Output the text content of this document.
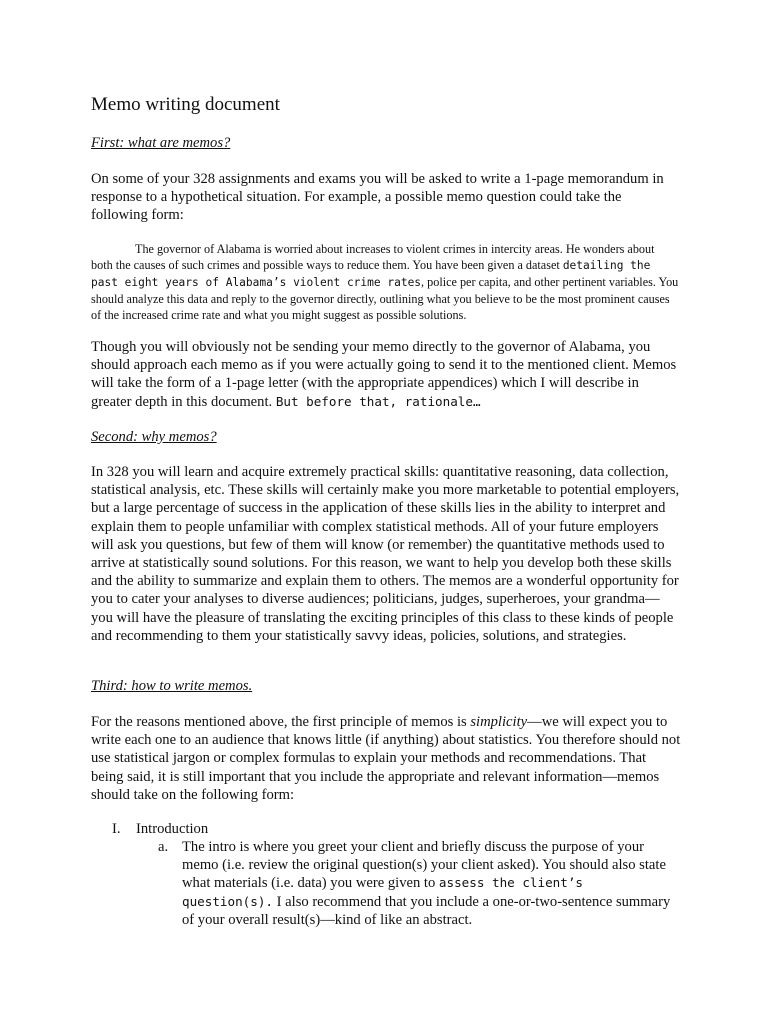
Memo writing document

First: what are memos?

On some of your 328 assignments and exams you will be asked to write a 1-page memorandum in response to a hypothetical situation. For example, a possible memo question could take the following form:

The governor of Alabama is worried about increases to violent crimes in intercity areas. He wonders about both the causes of such crimes and possible ways to reduce them. You have been given a dataset detailing the past eight years of Alabama’s violent crime rates, police per capita, and other pertinent variables. You should analyze this data and reply to the governor directly, outlining what you believe to be the most prominent causes of the increased crime rate and what you might suggest as possible solutions.

Though you will obviously not be sending your memo directly to the governor of Alabama, you should approach each memo as if you were actually going to send it to the mentioned client. Memos will take the form of a 1-page letter (with the appropriate appendices) which I will describe in greater depth in this document. But before that, rationale…

Second: why memos?

In 328 you will learn and acquire extremely practical skills: quantitative reasoning, data collection, statistical analysis, etc. These skills will certainly make you more marketable to potential employers, but a large percentage of success in the application of these skills lies in the ability to interpret and explain them to people unfamiliar with complex statistical methods. All of your future employers will ask you questions, but few of them will know (or remember) the quantitative methods used to arrive at statistically sound solutions. For this reason, we want to help you develop both these skills and the ability to summarize and explain them to others. The memos are a wonderful opportunity for you to cater your analyses to diverse audiences; politicians, judges, superheroes, your grandma—you will have the pleasure of translating the exciting principles of this class to these kinds of people and recommending to them your statistically savvy ideas, policies, solutions, and strategies.

Third: how to write memos.

For the reasons mentioned above, the first principle of memos is simplicity—we will expect you to write each one to an audience that knows little (if anything) about statistics. You therefore should not use statistical jargon or complex formulas to explain your methods and recommendations. That being said, it is still important that you include the appropriate and relevant information—memos should take on the following form:

I. Introduction

a. The intro is where you greet your client and briefly discuss the purpose of your memo (i.e. review the original question(s) your client asked). You should also state what materials (i.e. data) you were given to assess the client’s question(s). I also recommend that you include a one-or-two-sentence summary of your overall result(s)—kind of like an abstract.
